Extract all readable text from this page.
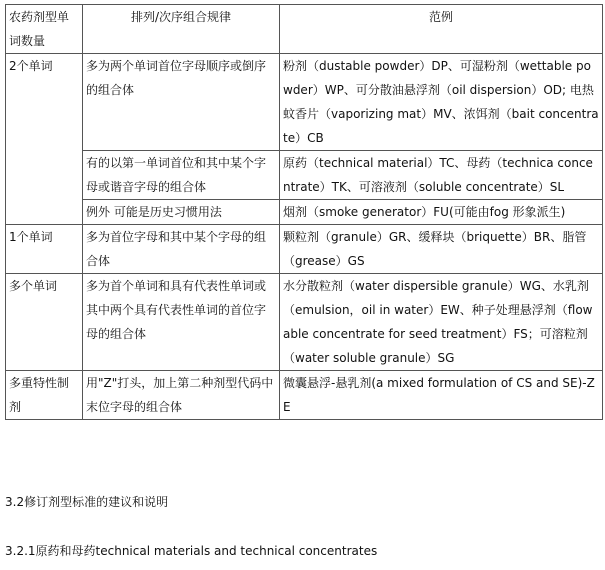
农药剂型单词数量	排列/次序组合规律	范例
2个单词	多为两个单词首位字母顺序或倒序的组合体	粉剂（dustable powder）DP、可湿粉剂（wettable powder）WP、可分散油悬浮剂（oil dispersion）OD; 电热蚊香片（vaporizing mat）MV、浓饵剂（bait concentrate）CB
	有的以第一单词首位和其中某个字母或谐音字母的组合体	原药（technical material）TC、母药（technica concentrate）TK、可溶液剂（soluble concentrate）SL
	例外 可能是历史习惯用法	烟剂（smoke generator）FU(可能由fog 形象派生)
1个单词	多为首位字母和其中某个字母的组合体	颗粒剂（granule）GR、缓释块（briquette）BR、脂管（grease）GS
多个单词	多为首个单词和具有代表性单词或其中两个具有代表性单词的首位字母的组合体	水分散粒剂（water dispersible granule）WG、水乳剂（emulsion，oil in water）EW、种子处理悬浮剂（flowable concentrate for seed treatment）FS；可溶粒剂（water soluble granule）SG
多重特性制剂	用"Z"打头，加上第二种剂型代码中末位字母的组合体	微囊悬浮-悬乳剂(a mixed formulation of CS and SE)-ZE
3.2修订剂型标准的建议和说明
3.2.1原药和母药technical materials and technical concentrates
